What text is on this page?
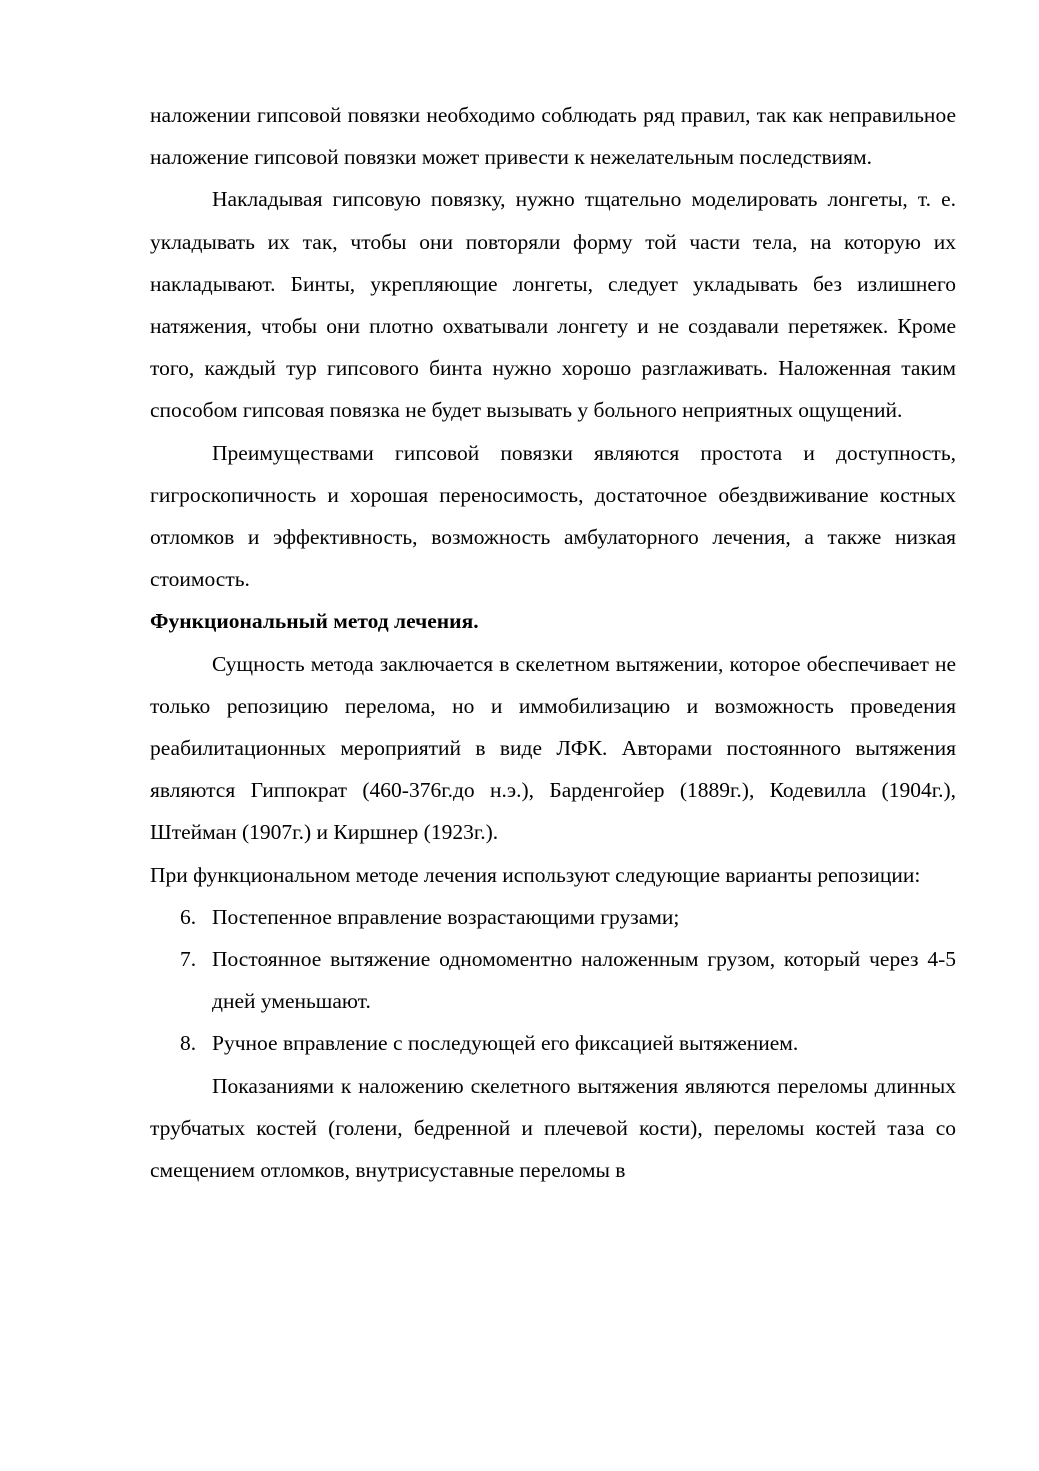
наложении гипсовой повязки необходимо соблюдать ряд правил, так как неправильное наложение гипсовой повязки может привести к нежелательным последствиям.

Накладывая гипсовую повязку, нужно тщательно моделировать лонгеты, т. е. укладывать их так, чтобы они повторяли форму той части тела, на которую их накладывают. Бинты, укрепляющие лонгеты, следует укладывать без излишнего натяжения, чтобы они плотно охватывали лонгету и не создавали перетяжек. Кроме того, каждый тур гипсового бинта нужно хорошо разглаживать. Наложенная таким способом гипсовая повязка не будет вызывать у больного неприятных ощущений.

Преимуществами гипсовой повязки являются простота и доступность, гигроскопичность и хорошая переносимость, достаточное обездвиживание костных отломков и эффективность, возможность амбулаторного лечения, а также низкая стоимость.

Функциональный метод лечения.

Сущность метода заключается в скелетном вытяжении, которое обеспечивает не только репозицию перелома, но и иммобилизацию и возможность проведения реабилитационных мероприятий в виде ЛФК. Авторами постоянного вытяжения являются Гиппократ (460-376г.до н.э.), Барденгойер (1889г.), Кодевилла (1904г.), Штейман (1907г.) и Киршнер (1923г.).

При функциональном методе лечения используют следующие варианты репозиции:

6. Постепенное вправление возрастающими грузами;
7. Постоянное вытяжение одномоментно наложенным грузом, который через 4-5 дней уменьшают.
8. Ручное вправление с последующей его фиксацией вытяжением.

Показаниями к наложению скелетного вытяжения являются переломы длинных трубчатых костей (голени, бедренной и плечевой кости), переломы костей таза со смещением отломков, внутрисуставные переломы в
